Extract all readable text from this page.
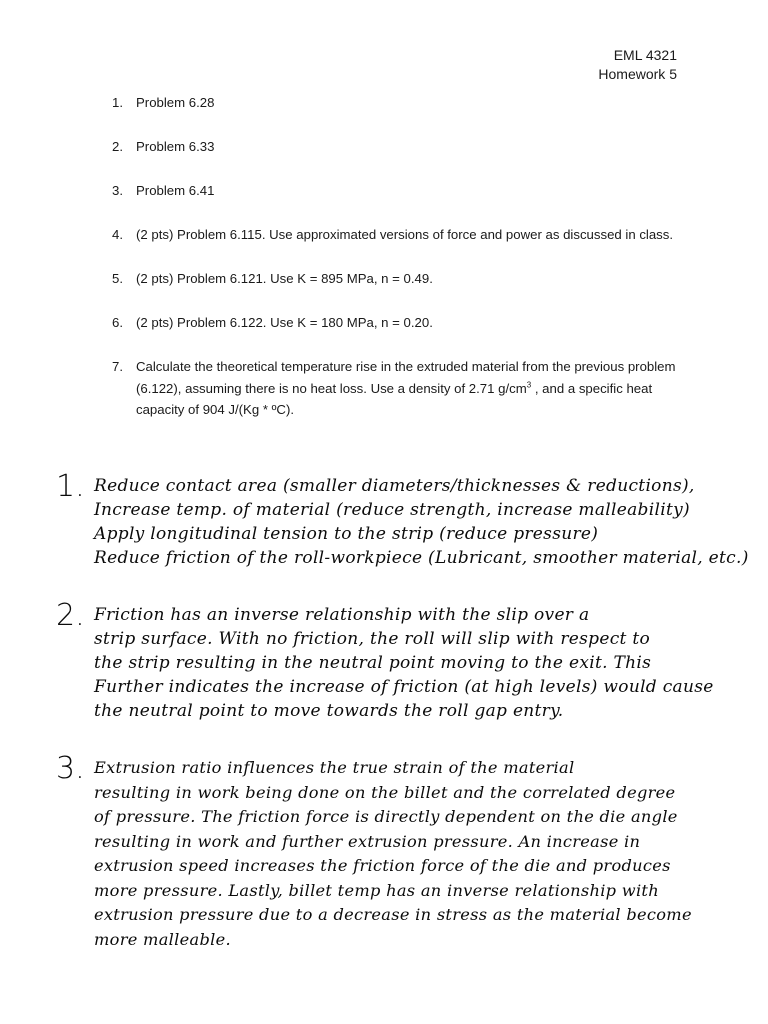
EML 4321
Homework 5
1. Problem 6.28
2. Problem 6.33
3. Problem 6.41
4. (2 pts) Problem 6.115. Use approximated versions of force and power as discussed in class.
5. (2 pts) Problem 6.121. Use K = 895 MPa, n = 0.49.
6. (2 pts) Problem 6.122. Use K = 180 MPa, n = 0.20.
7. Calculate the theoretical temperature rise in the extruded material from the previous problem (6.122), assuming there is no heat loss. Use a density of 2.71 $g/cm^3$ , and a specific heat capacity of 904 J/(Kg * ºC).
1. Reduce contact area (smaller diameters/thicknesses & reductions),
Increase temp. of material (reduce strength, increase malleability)
Apply longitudinal tension to the strip (reduce pressure)
Reduce friction of the roll-workpiece (Lubricant, smoother material, etc.)
2. Friction has an inverse relationship with the slip over a
strip surface. With no friction, the roll will slip with respect to
the strip resulting in the neutral point moving to the exit. This
Further indicates the increase of friction (at high levels) would cause
the neutral point to move towards the roll gap entry.
3. Extrusion ratio influences the true strain of the material
resulting in work being done on the billet and the correlated degree
of pressure. The friction force is directly dependent on the die angle
resulting in work and further extrusion pressure. An increase in
extrusion speed increases the friction force of the die and produces
more pressure. Lastly, billet temp has an inverse relationship with
extrusion pressure due to a decrease in stress as the material become
more malleable.
